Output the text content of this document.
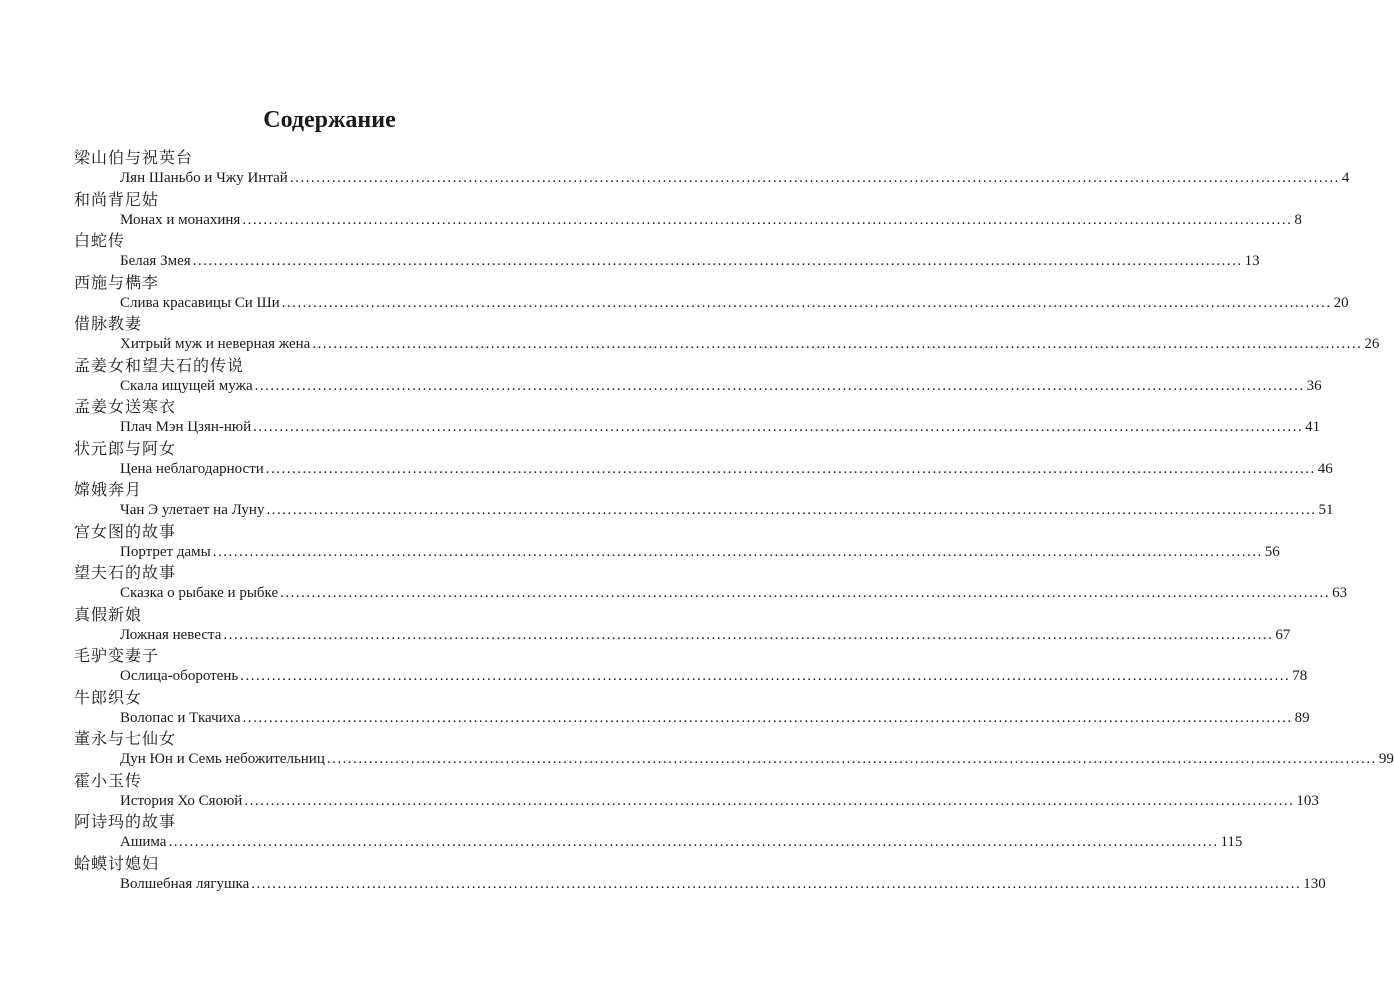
Содержание
梁山伯与祝英台
Лян Шаньбо и Чжу Интай ........................................................................................................................................................................................................ 4
和尚背尼姑
Монах и монахиня ........................................................................................................................................................................................................ 8
白蛇传
Белая Змея ........................................................................................................................................................................................................ 13
西施与檇李
Слива красавицы Си Ши ........................................................................................................................................................................................................ 20
借脉教妻
Хитрый муж и неверная жена ........................................................................................................................................................................................................ 26
孟姜女和望夫石的传说
Скала ищущей мужа ........................................................................................................................................................................................................ 36
孟姜女送寒衣
Плач Мэн Цзян-нюй ........................................................................................................................................................................................................ 41
状元郎与阿女
Цена неблагодарности ........................................................................................................................................................................................................ 46
嫦娥奔月
Чан Э улетает на Луну ........................................................................................................................................................................................................ 51
宫女图的故事
Портрет дамы ........................................................................................................................................................................................................ 56
望夫石的故事
Сказка о рыбаке и рыбке ........................................................................................................................................................................................................ 63
真假新娘
Ложная невеста ........................................................................................................................................................................................................ 67
毛驴变妻子
Ослица-оборотень ........................................................................................................................................................................................................ 78
牛郎织女
Волопас и Ткачиха ........................................................................................................................................................................................................ 89
董永与七仙女
Дун Юн и Семь небожительниц ........................................................................................................................................................................................................ 99
霍小玉传
История Хо Сяоюй ........................................................................................................................................................................................................ 103
阿诗玛的故事
Ашима ........................................................................................................................................................................................................ 115
蛤蟆讨媳妇
Волшебная лягушка ........................................................................................................................................................................................................ 130
